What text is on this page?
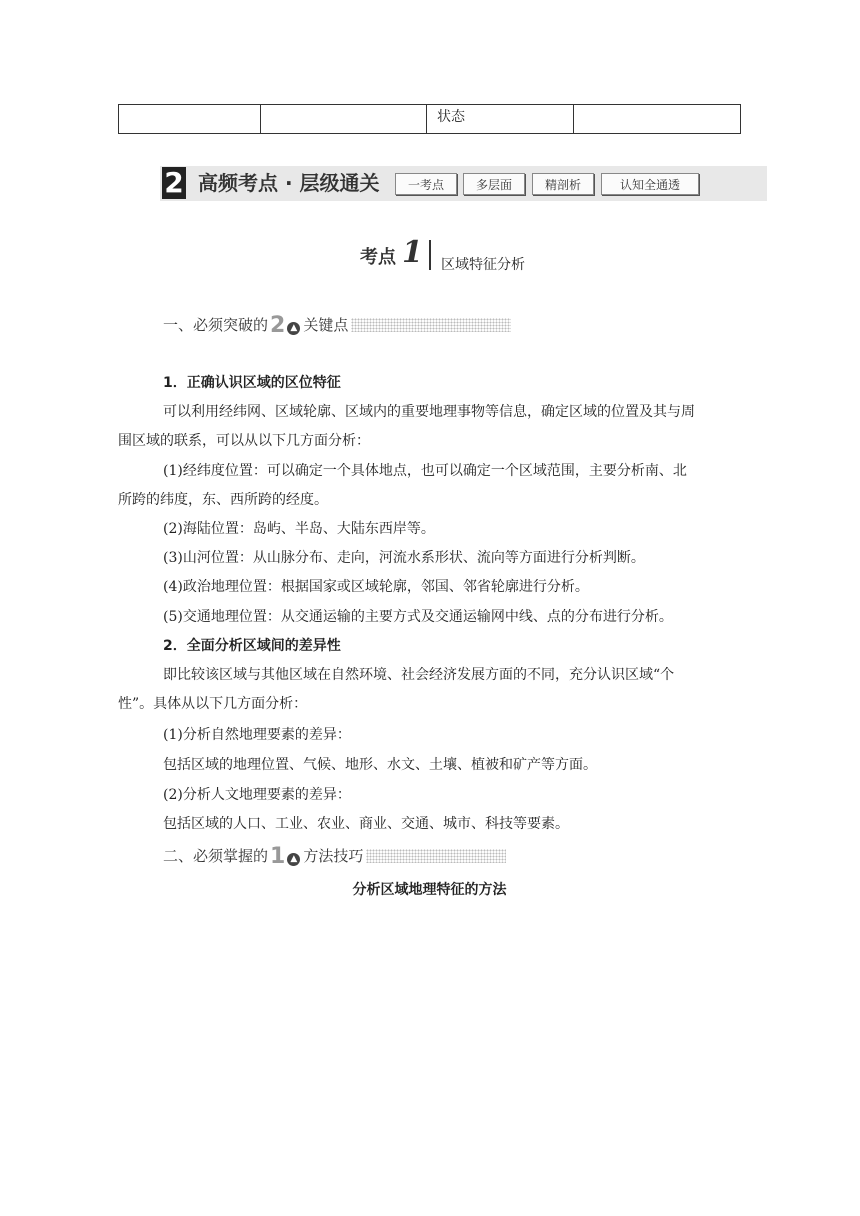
状态

2 高频考点 · 层级通关	一考点	多层面	精剖析	认知全通透
考点 1 区域特征分析
一、必须突破的2 ▲ 关键点
1．正确认识区域的区位特征
可以利用经纬网、区域轮廓、区域内的重要地理事物等信息，确定区域的位置及其与周
围区域的联系，可以从以下几方面分析：
(1)经纬度位置：可以确定一个具体地点，也可以确定一个区域范围，主要分析南、北
所跨的纬度，东、西所跨的经度。
(2)海陆位置：岛屿、半岛、大陆东西岸等。
(3)山河位置：从山脉分布、走向，河流水系形状、流向等方面进行分析判断。
(4)政治地理位置：根据国家或区域轮廓，邻国、邻省轮廓进行分析。
(5)交通地理位置：从交通运输的主要方式及交通运输网中线、点的分布进行分析。
2．全面分析区域间的差异性
即比较该区域与其他区域在自然环境、社会经济发展方面的不同，充分认识区域“个
性”。具体从以下几方面分析：
(1)分析自然地理要素的差异：
包括区域的地理位置、气候、地形、水文、土壤、植被和矿产等方面。
(2)分析人文地理要素的差异：
包括区域的人口、工业、农业、商业、交通、城市、科技等要素。
二、必须掌握的1 ▲ 方法技巧
分析区域地理特征的方法
